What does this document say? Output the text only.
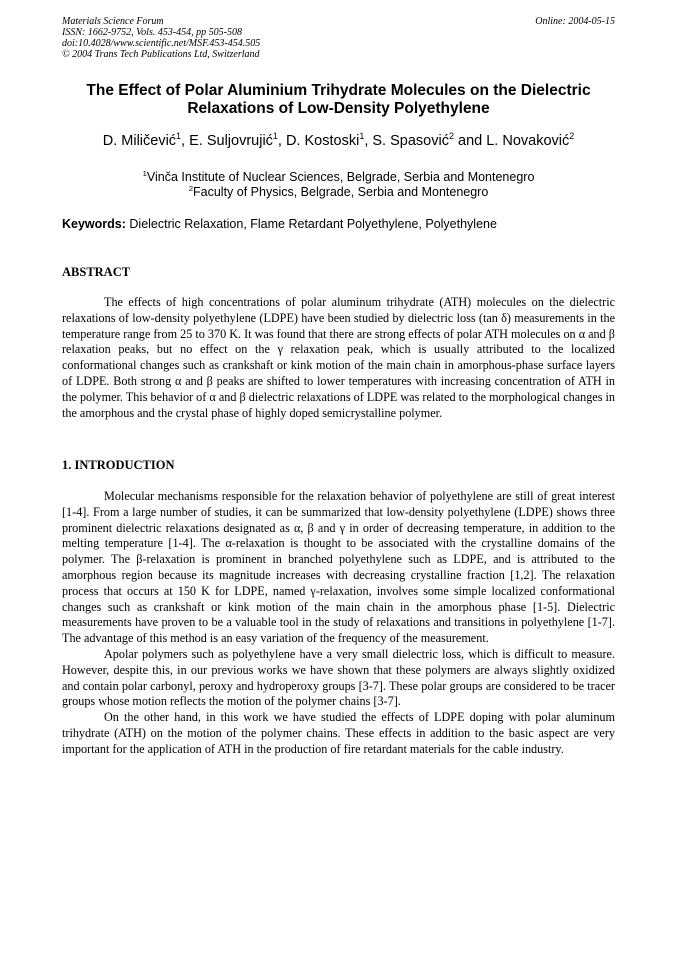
Materials Science Forum
ISSN: 1662-9752, Vols. 453-454, pp 505-508
doi:10.4028/www.scientific.net/MSF.453-454.505
© 2004 Trans Tech Publications Ltd, Switzerland
Online: 2004-05-15
The Effect of Polar Aluminium Trihydrate Molecules on the Dielectric
Relaxations of Low-Density Polyethylene
D. Miličević$^1$, E. Suljovrujić$^1$, D. Kostoski$^1$, S. Spasović$^2$ and L. Novaković$^2$
$^1$Vinča Institute of Nuclear Sciences, Belgrade, Serbia and Montenegro
$^2$Faculty of Physics, Belgrade, Serbia and Montenegro
Keywords: Dielectric Relaxation, Flame Retardant Polyethylene, Polyethylene
ABSTRACT

The effects of high concentrations of polar aluminum trihydrate (ATH) molecules on the dielectric relaxations of low-density polyethylene (LDPE) have been studied by dielectric loss (tan δ) measurements in the temperature range from 25 to 370 K. It was found that there are strong effects of polar ATH molecules on α and β relaxation peaks, but no effect on the γ relaxation peak, which is usually attributed to the localized conformational changes such as crankshaft or kink motion of the main chain in amorphous-phase surface layers of LDPE. Both strong α and β peaks are shifted to lower temperatures with increasing concentration of ATH in the polymer. This behavior of α and β dielectric relaxations of LDPE was related to the morphological changes in the amorphous and the crystal phase of highly doped semicrystalline polymer.

1. INTRODUCTION

Molecular mechanisms responsible for the relaxation behavior of polyethylene are still of great interest [1-4]. From a large number of studies, it can be summarized that low-density polyethylene (LDPE) shows three prominent dielectric relaxations designated as α, β and γ in order of decreasing temperature, in addition to the melting temperature [1-4]. The α-relaxation is thought to be associated with the crystalline domains of the polymer. The β-relaxation is prominent in branched polyethylene such as LDPE, and is attributed to the amorphous region because its magnitude increases with decreasing crystalline fraction [1,2]. The relaxation process that occurs at 150 K for LDPE, named γ-relaxation, involves some simple localized conformational changes such as crankshaft or kink motion of the main chain in the amorphous phase [1-5]. Dielectric measurements have proven to be a valuable tool in the study of relaxations and transitions in polyethylene [1-7]. The advantage of this method is an easy variation of the frequency of the measurement.

Apolar polymers such as polyethylene have a very small dielectric loss, which is difficult to measure. However, despite this, in our previous works we have shown that these polymers are always slightly oxidized and contain polar carbonyl, peroxy and hydroperoxy groups [3-7]. These polar groups are considered to be tracer groups whose motion reflects the motion of the polymer chains [3-7].

On the other hand, in this work we have studied the effects of LDPE doping with polar aluminum trihydrate (ATH) on the motion of the polymer chains. These effects in addition to the basic aspect are very important for the application of ATH in the production of fire retardant materials for the cable industry.
